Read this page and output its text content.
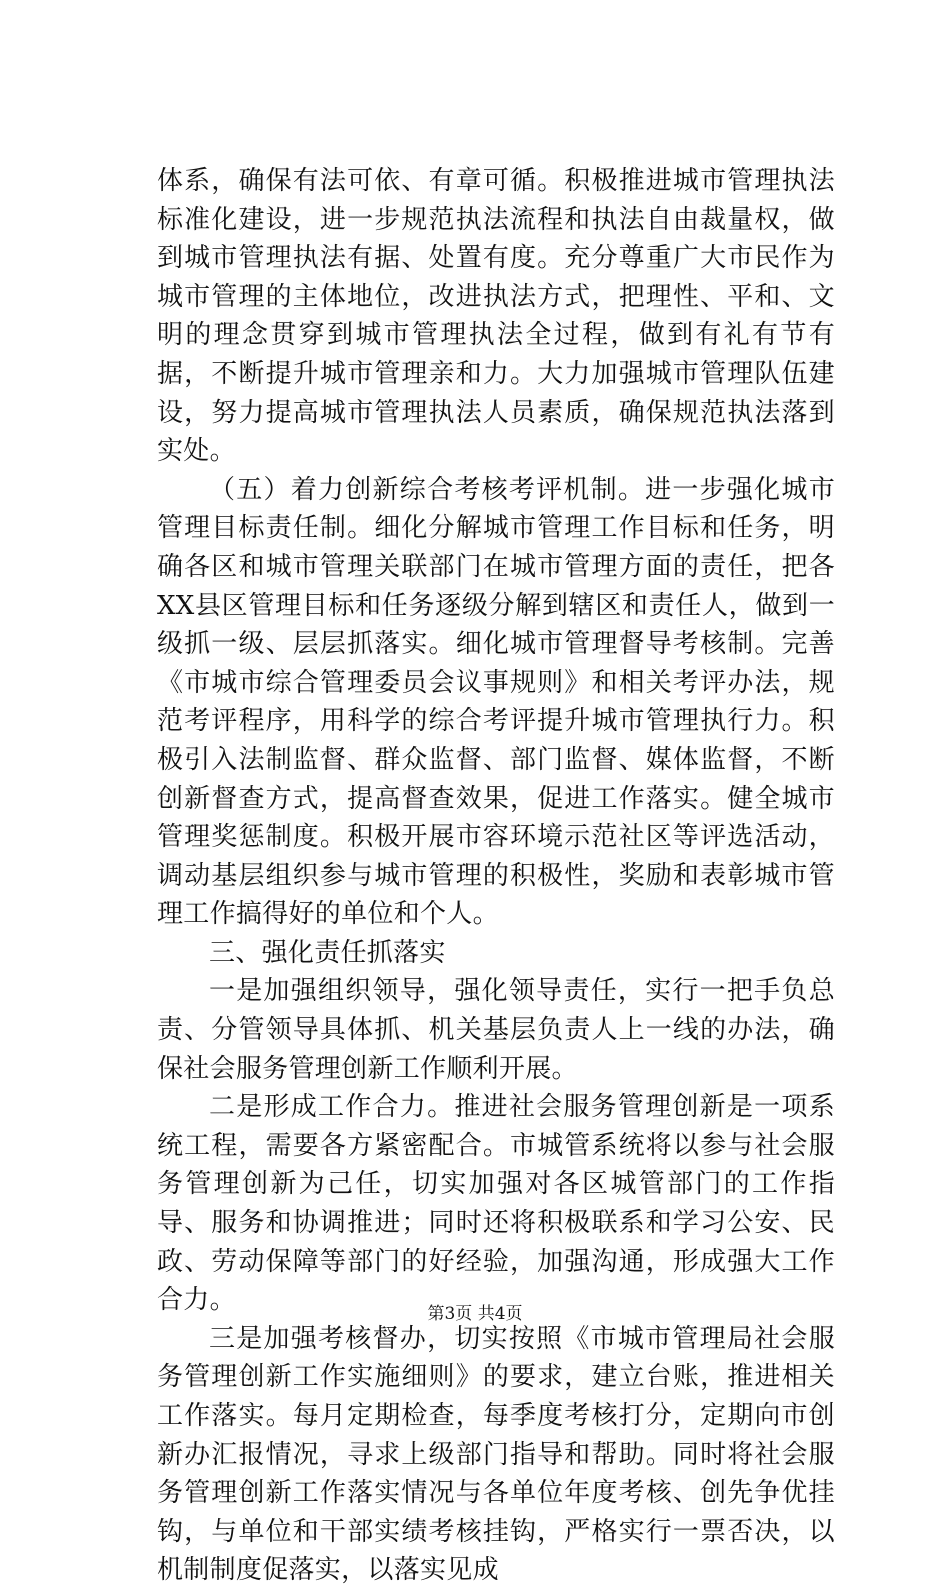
体系，确保有法可依、有章可循。积极推进城市管理执法标准化建设，进一步规范执法流程和执法自由裁量权，做到城市管理执法有据、处置有度。充分尊重广大市民作为城市管理的主体地位，改进执法方式，把理性、平和、文明的理念贯穿到城市管理执法全过程，做到有礼有节有据，不断提升城市管理亲和力。大力加强城市管理队伍建设，努力提高城市管理执法人员素质，确保规范执法落到实处。

（五）着力创新综合考核考评机制。进一步强化城市管理目标责任制。细化分解城市管理工作目标和任务，明确各区和城市管理关联部门在城市管理方面的责任，把各XX县区管理目标和任务逐级分解到辖区和责任人，做到一级抓一级、层层抓落实。细化城市管理督导考核制。完善《市城市综合管理委员会议事规则》和相关考评办法，规范考评程序，用科学的综合考评提升城市管理执行力。积极引入法制监督、群众监督、部门监督、媒体监督，不断创新督查方式，提高督查效果，促进工作落实。健全城市管理奖惩制度。积极开展市容环境示范社区等评选活动，调动基层组织参与城市管理的积极性，奖励和表彰城市管理工作搞得好的单位和个人。

三、强化责任抓落实

一是加强组织领导，强化领导责任，实行一把手负总责、分管领导具体抓、机关基层负责人上一线的办法，确保社会服务管理创新工作顺利开展。

二是形成工作合力。推进社会服务管理创新是一项系统工程，需要各方紧密配合。市城管系统将以参与社会服务管理创新为己任，切实加强对各区城管部门的工作指导、服务和协调推进；同时还将积极联系和学习公安、民政、劳动保障等部门的好经验，加强沟通，形成强大工作合力。

三是加强考核督办，切实按照《市城市管理局社会服务管理创新工作实施细则》的要求，建立台账，推进相关工作落实。每月定期检查，每季度考核打分，定期向市创新办汇报情况，寻求上级部门指导和帮助。同时将社会服务管理创新工作落实情况与各单位年度考核、创先争优挂钩，与单位和干部实绩考核挂钩，严格实行一票否决，以机制制度促落实，以落实见成

第3页 共4页
